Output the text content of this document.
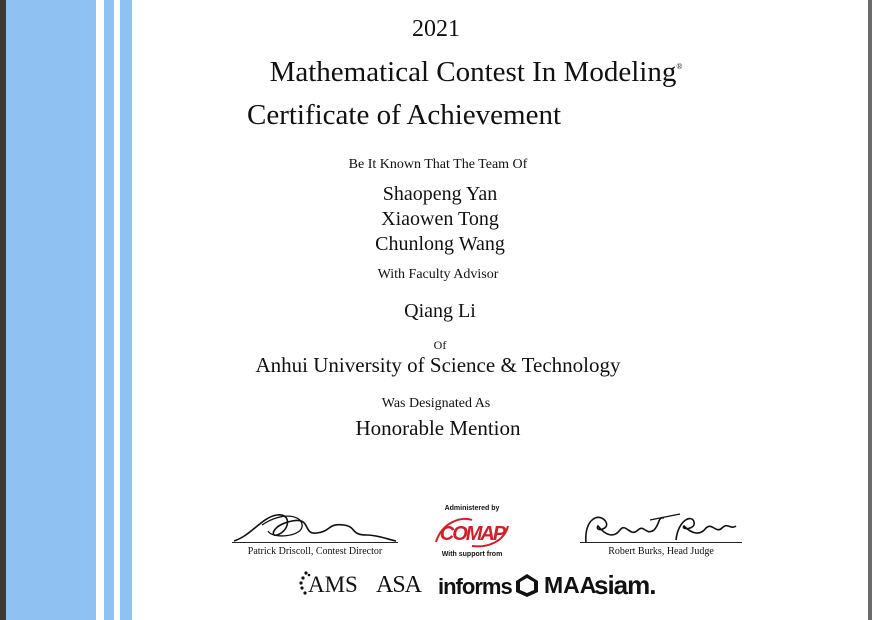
2021
Mathematical Contest In Modeling®
Certificate of Achievement
Be It Known That The Team Of
Shaopeng Yan
Xiaowen Tong
Chunlong Wang
With Faculty Advisor
Qiang Li
Of
Anhui University of Science & Technology
Was Designated As
Honorable Mention
Patrick Driscoll, Contest Director
Administered by
COMAP
With support from	Robert Burks, Head Judge
AMS ASA informs MAA
siam.
